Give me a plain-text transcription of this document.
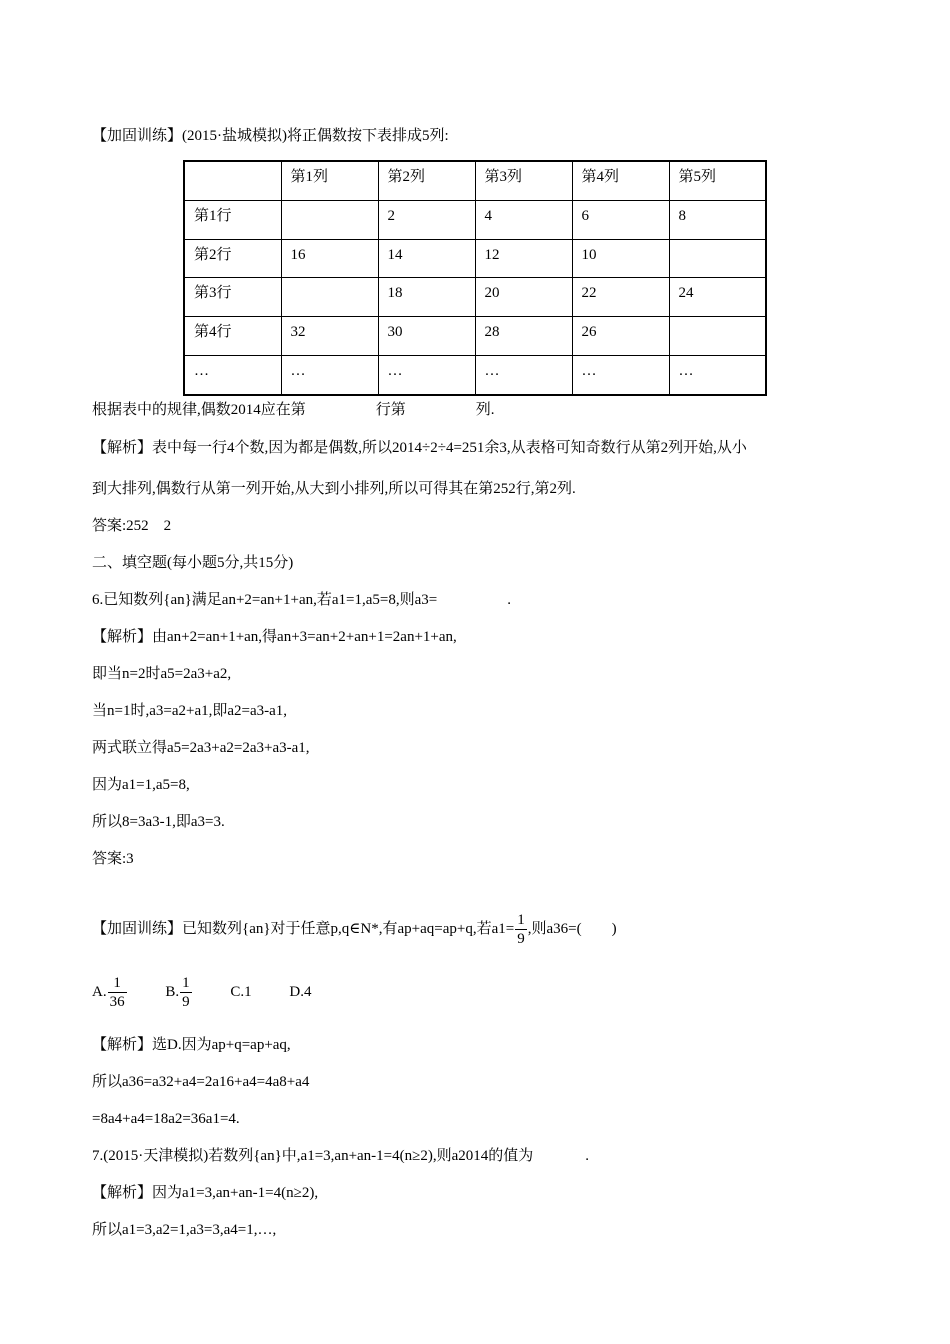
【加固训练】(2015·盐城模拟)将正偶数按下表排成5列:
	第1列	第2列	第3列	第4列	第5列
第1行		2	4	6	8
第2行	16	14	12	10	
第3行		18	20	22	24
第4行	32	30	28	26	
…	…	…	…	…	…
根据表中的规律,偶数2014应在第	行第	列.
【解析】表中每一行4个数,因为都是偶数,所以2014÷2÷4=251余3,从表格可知奇数行从第2列开始,从小
到大排列,偶数行从第一列开始,从大到小排列,所以可得其在第252行,第2列.
答案:252　2
二、填空题(每小题5分,共15分)
6.已知数列{an}满足an+2=an+1+an,若a1=1,a5=8,则a3=	.
【解析】由an+2=an+1+an,得an+3=an+2+an+1=2an+1+an,
即当n=2时a5=2a3+a2,
当n=1时,a3=a2+a1,即a2=a3-a1,
两式联立得a5=2a3+a2=2a3+a3-a1,
因为a1=1,a5=8,
所以8=3a3-1,即a3=3.
答案:3
【加固训练】已知数列{an}对于任意p,q∈N*,有ap+aq=ap+q,若$a1= \frac{1}{9}$ ,则a36=(　　)
A. $\frac{1}{36}$	B. $\frac{1}{9}$	C.1	D.4
【解析】选D.因为ap+q=ap+aq,
所以a36=a32+a4=2a16+a4=4a8+a4
=8a4+a4=18a2=36a1=4.
7.(2015·天津模拟)若数列{an}中,a1=3,an+an-1=4(n≥2),则a2014的值为	.
【解析】因为a1=3,an+an-1=4(n≥2),
所以a1=3,a2=1,a3=3,a4=1,…,
